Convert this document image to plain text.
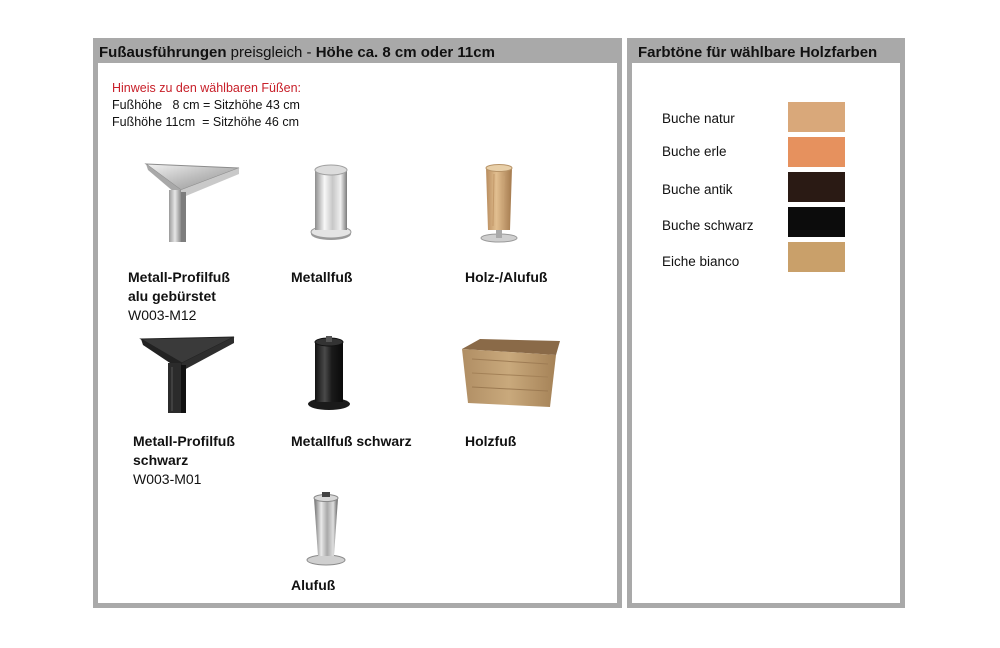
Fußausführungen preisgleich - Höhe ca. 8 cm oder 11cm
Hinweis zu den wählbaren Füßen:
Fußhöhe   8 cm = Sitzhöhe 43 cm
Fußhöhe 11cm  = Sitzhöhe 46 cm
Metall-Profilfuß
alu gebürstet
W003-M12
Metallfuß	Holz-/Alufuß
Metall-Profilfuß
schwarz
W003-M01
Metallfuß schwarz	Holzfuß
Alufuß
Farbtöne für wählbare Holzfarben
Buche natur
Buche erle
Buche antik
Buche schwarz
Eiche bianco
